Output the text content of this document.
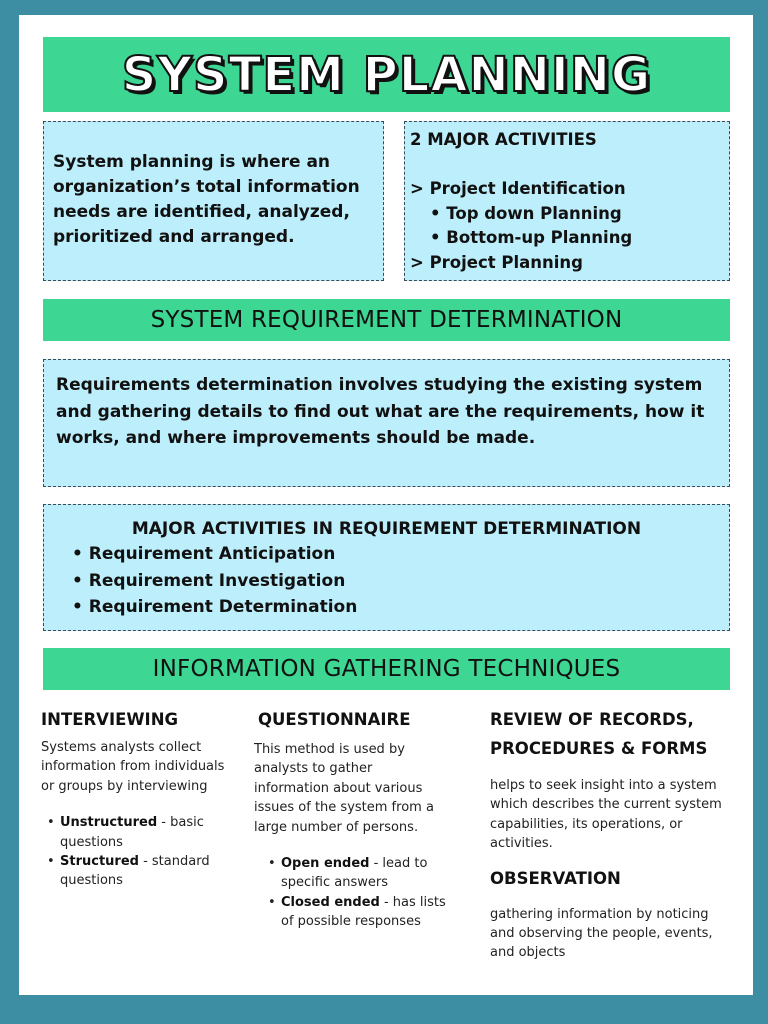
SYSTEM PLANNING
System planning is where an organization’s total information needs are identified, analyzed, prioritized and arranged.
2 MAJOR ACTIVITIES
> Project Identification
• Top down Planning
• Bottom-up Planning
> Project Planning
SYSTEM REQUIREMENT DETERMINATION
Requirements determination involves studying the existing system and gathering details to find out what are the requirements, how it works, and where improvements should be made.
MAJOR ACTIVITIES IN REQUIREMENT DETERMINATION
• Requirement Anticipation
• Requirement Investigation
• Requirement Determination
INFORMATION GATHERING TECHNIQUES
INTERVIEWING
Systems analysts collect information from individuals or groups by interviewing
• Unstructured - basic questions
• Structured - standard questions
QUESTIONNAIRE
This method is used by analysts to gather information about various issues of the system from a large number of persons.
• Open ended - lead to specific answers
• Closed ended - has lists of possible responses
REVIEW OF RECORDS,
PROCEDURES & FORMS
helps to seek insight into a system which describes the current system capabilities, its operations, or activities.
OBSERVATION
gathering information by noticing and observing the people, events, and objects
